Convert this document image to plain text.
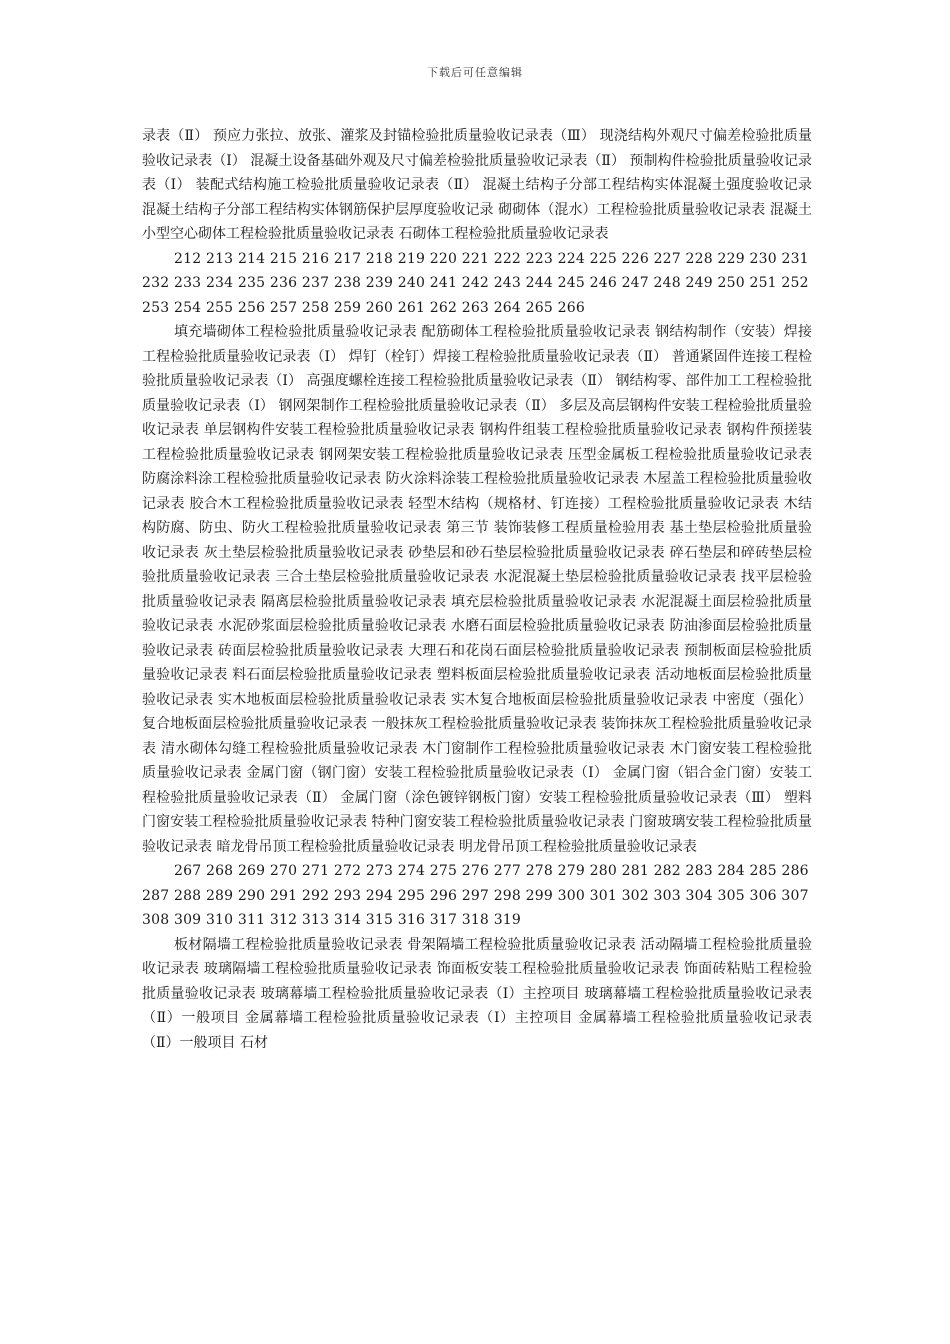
下载后可任意编辑

录表（Ⅱ） 预应力张拉、放张、灌浆及封锚检验批质量验收记录表（Ⅲ） 现浇结构外观尺寸偏差检验批质量验收记录表（Ⅰ） 混凝土设备基础外观及尺寸偏差检验批质量验收记录表（Ⅱ） 预制构件检验批质量验收记录表（Ⅰ） 装配式结构施工检验批质量验收记录表（Ⅱ） 混凝土结构子分部工程结构实体混凝土强度验收记录 混凝土结构子分部工程结构实体钢筋保护层厚度验收记录 砌砌体（混水）工程检验批质量验收记录表 混凝土小型空心砌体工程检验批质量验收记录表 石砌体工程检验批质量验收记录表

212 213 214 215 216 217 218 219 220 221 222 223 224 225 226 227 228 229 230 231 232 233 234 235 236 237 238 239 240 241 242 243 244 245 246 247 248 249 250 251 252 253 254 255 256 257 258 259 260 261 262 263 264 265 266

填充墙砌体工程检验批质量验收记录表 配筋砌体工程检验批质量验收记录表 钢结构制作（安装）焊接工程检验批质量验收记录表（Ⅰ） 焊钉（栓钉）焊接工程检验批质量验收记录表（Ⅱ） 普通紧固件连接工程检验批质量验收记录表（Ⅰ） 高强度螺栓连接工程检验批质量验收记录表（Ⅱ） 钢结构零、部件加工工程检验批质量验收记录表（Ⅰ） 钢网架制作工程检验批质量验收记录表（Ⅱ） 多层及高层钢构件安装工程检验批质量验收记录表 单层钢构件安装工程检验批质量验收记录表 钢构件组装工程检验批质量验收记录表 钢构件预搓装工程检验批质量验收记录表 钢网架安装工程检验批质量验收记录表 压型金属板工程检验批质量验收记录表 防腐涂料涂工程检验批质量验收记录表 防火涂料涂装工程检验批质量验收记录表 木屋盖工程检验批质量验收记录表 胶合木工程检验批质量验收记录表 轻型木结构（规格材、钉连接）工程检验批质量验收记录表 木结构防腐、防虫、防火工程检验批质量验收记录表 第三节 装饰装修工程质量检验用表 基土垫层检验批质量验收记录表 灰土垫层检验批质量验收记录表 砂垫层和砂石垫层检验批质量验收记录表 碎石垫层和碎砖垫层检验批质量验收记录表 三合土垫层检验批质量验收记录表 水泥混凝土垫层检验批质量验收记录表 找平层检验批质量验收记录表 隔离层检验批质量验收记录表 填充层检验批质量验收记录表 水泥混凝土面层检验批质量验收记录表 水泥砂浆面层检验批质量验收记录表 水磨石面层检验批质量验收记录表 防油渗面层检验批质量验收记录表 砖面层检验批质量验收记录表 大理石和花岗石面层检验批质量验收记录表 预制板面层检验批质量验收记录表 料石面层检验批质量验收记录表 塑料板面层检验批质量验收记录表 活动地板面层检验批质量验收记录表 实木地板面层检验批质量验收记录表 实木复合地板面层检验批质量验收记录表 中密度（强化）复合地板面层检验批质量验收记录表 一般抹灰工程检验批质量验收记录表 装饰抹灰工程检验批质量验收记录表 清水砌体勾缝工程检验批质量验收记录表 木门窗制作工程检验批质量验收记录表 木门窗安装工程检验批质量验收记录表 金属门窗（钢门窗）安装工程检验批质量验收记录表（Ⅰ） 金属门窗（铝合金门窗）安装工程检验批质量验收记录表（Ⅱ） 金属门窗（涂色镀锌钢板门窗）安装工程检验批质量验收记录表（Ⅲ） 塑料门窗安装工程检验批质量验收记录表 特种门窗安装工程检验批质量验收记录表 门窗玻璃安装工程检验批质量验收记录表 暗龙骨吊顶工程检验批质量验收记录表 明龙骨吊顶工程检验批质量验收记录表

267 268 269 270 271 272 273 274 275 276 277 278 279 280 281 282 283 284 285 286 287 288 289 290 291 292 293 294 295 296 297 298 299 300 301 302 303 304 305 306 307 308 309 310 311 312 313 314 315 316 317 318 319

板材隔墙工程检验批质量验收记录表 骨架隔墙工程检验批质量验收记录表 活动隔墙工程检验批质量验收记录表 玻璃隔墙工程检验批质量验收记录表 饰面板安装工程检验批质量验收记录表 饰面砖粘贴工程检验批质量验收记录表 玻璃幕墙工程检验批质量验收记录表（Ⅰ）主控项目 玻璃幕墙工程检验批质量验收记录表（Ⅱ）一般项目 金属幕墙工程检验批质量验收记录表（Ⅰ）主控项目 金属幕墙工程检验批质量验收记录表（Ⅱ）一般项目 石材
